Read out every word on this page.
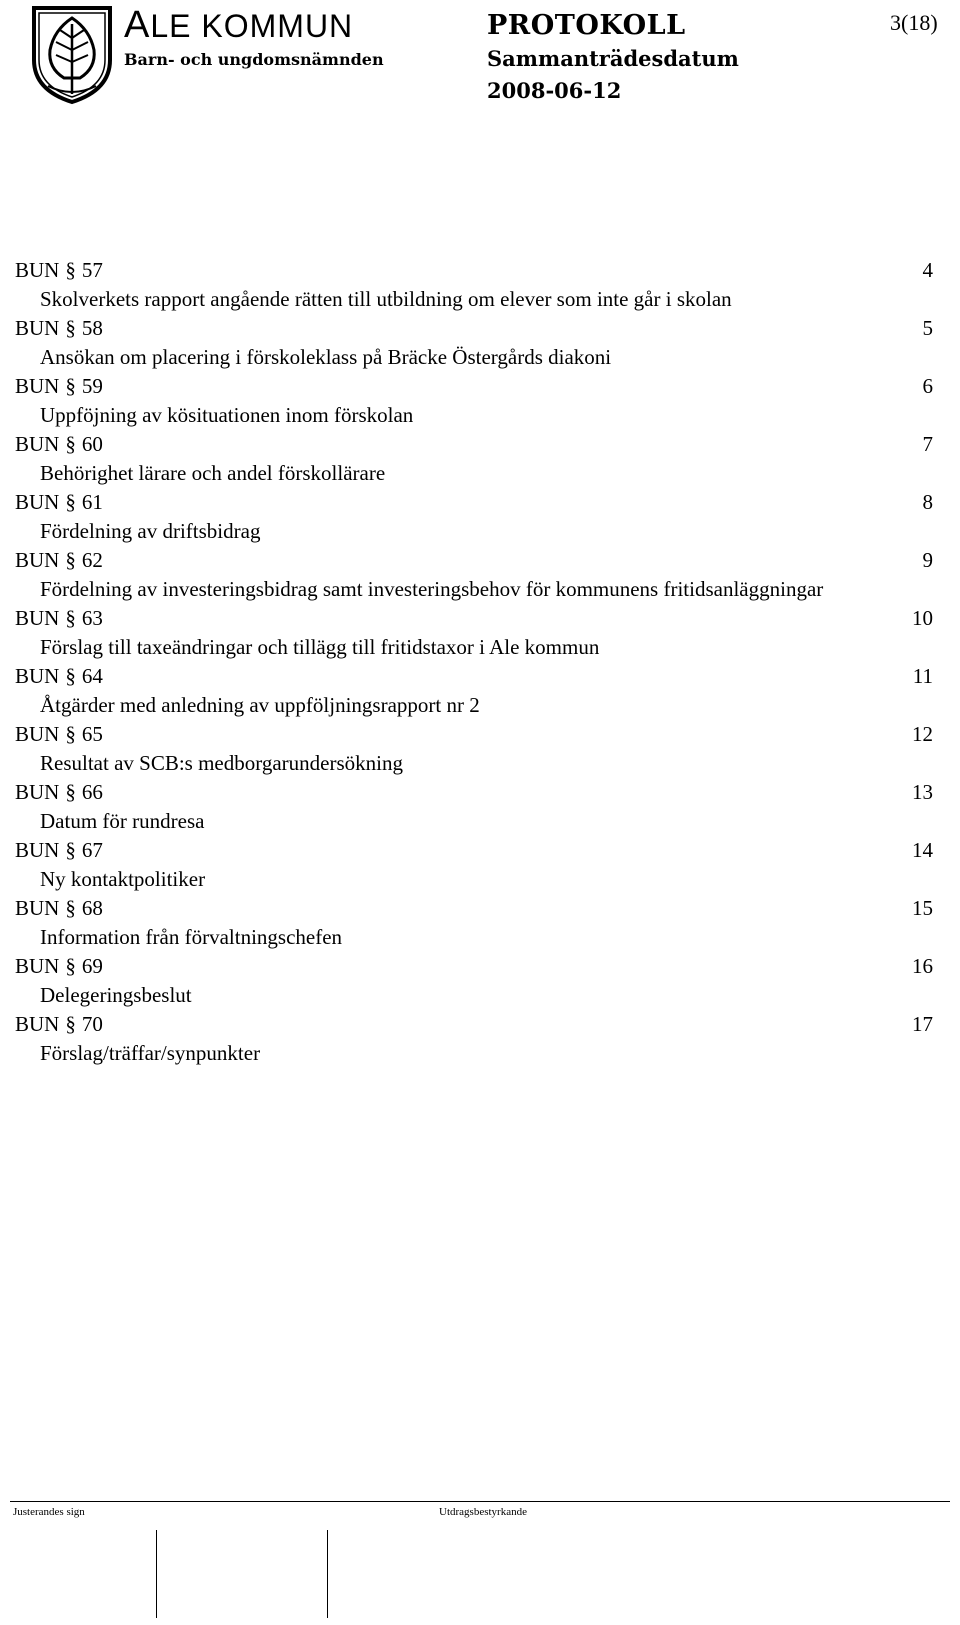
ALE KOMMUN
Barn- och ungdomsnämnden
PROTOKOLL
Sammanträdesdatum
2008-06-12
3(18)
BUN § 57	4
Skolverkets rapport angående rätten till utbildning om elever som inte går i skolan
BUN § 58	5
Ansökan om placering i förskoleklass på Bräcke Östergårds diakoni
BUN § 59	6
Uppföjning av kösituationen inom förskolan
BUN § 60	7
Behörighet lärare och andel förskollärare
BUN § 61	8
Fördelning av driftsbidrag
BUN § 62	9
Fördelning av investeringsbidrag samt investeringsbehov för kommunens fritidsanläggningar
BUN § 63	10
Förslag till taxeändringar och tillägg till fritidstaxor i Ale kommun
BUN § 64	11
Åtgärder med anledning av uppföljningsrapport nr 2
BUN § 65	12
Resultat av SCB:s medborgarundersökning
BUN § 66	13
Datum för rundresa
BUN § 67	14
Ny kontaktpolitiker
BUN § 68	15
Information från förvaltningschefen
BUN § 69	16
Delegeringsbeslut
BUN § 70	17
Förslag/träffar/synpunkter
Justerandes sign	Utdragsbestyrkande
